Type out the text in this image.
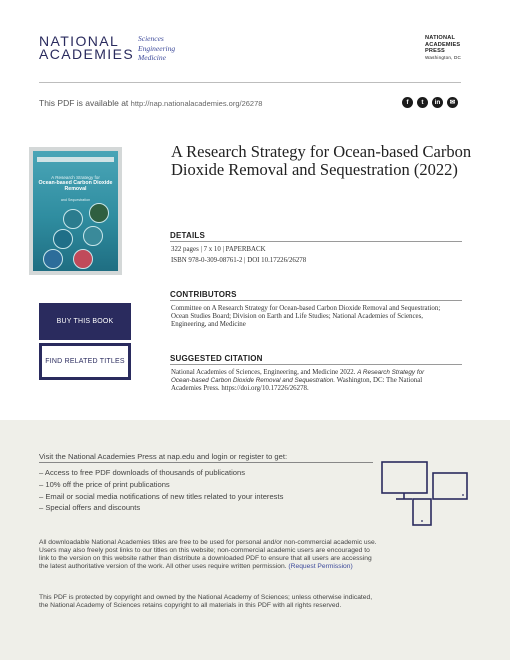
NATIONAL
ACADEMIES
Sciences
Engineering
Medicine
NATIONAL
ACADEMIES
PRESS
Washington, DC
This PDF is available at http://nap.nationalacademies.org/26278	f	t	in	✉
A Research Strategy for
Ocean-based Carbon Dioxide Removal
and Sequestration
A Research Strategy for Ocean-based Carbon Dioxide Removal and Sequestration (2022)
DETAILS
322 pages | 7 x 10 | PAPERBACK
ISBN 978-0-309-08761-2 | DOI 10.17226/26278
CONTRIBUTORS
Committee on A Research Strategy for Ocean-based Carbon Dioxide Removal and Sequestration; Ocean Studies Board; Division on Earth and Life Studies; National Academies of Sciences, Engineering, and Medicine
SUGGESTED CITATION
National Academies of Sciences, Engineering, and Medicine 2022. A Research Strategy for Ocean-based Carbon Dioxide Removal and Sequestration. Washington, DC: The National Academies Press. https://doi.org/10.17226/26278.
BUY THIS BOOK
FIND RELATED TITLES
Visit the National Academies Press at nap.edu and login or register to get:
– Access to free PDF downloads of thousands of publications
– 10% off the price of print publications
– Email or social media notifications of new titles related to your interests
– Special offers and discounts
All downloadable National Academies titles are free to be used for personal and/or non-commercial academic use. Users may also freely post links to our titles on this website; non-commercial academic users are encouraged to link to the version on this website rather than distribute a downloaded PDF to ensure that all users are accessing the latest authoritative version of the work. All other uses require written permission. (Request Permission)
This PDF is protected by copyright and owned by the National Academy of Sciences; unless otherwise indicated, the National Academy of Sciences retains copyright to all materials in this PDF with all rights reserved.
